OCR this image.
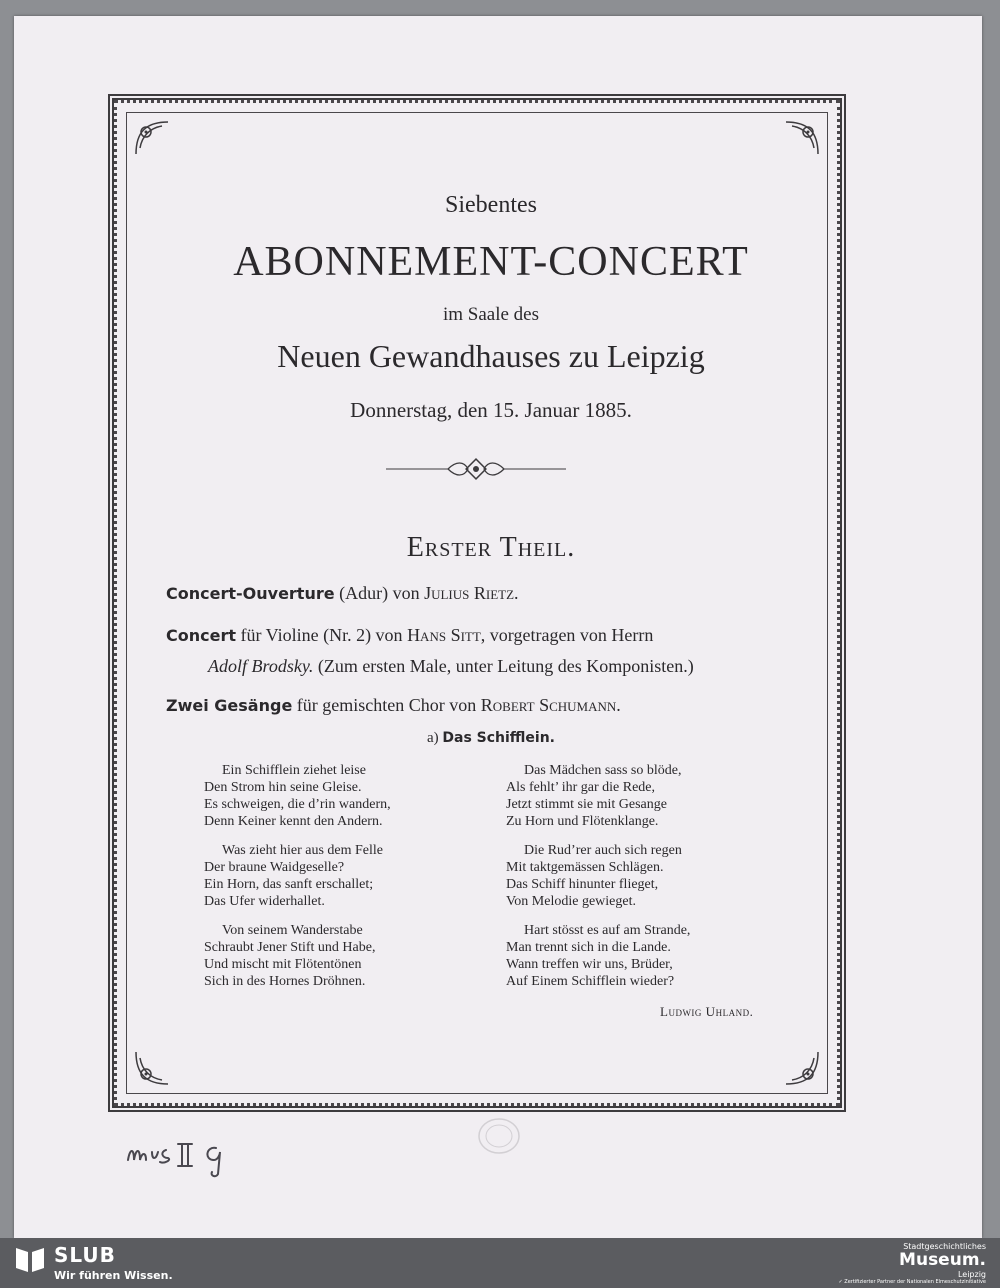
Siebentes
ABONNEMENT-CONCERT
im Saale des
Neuen Gewandhauses zu Leipzig
Donnerstag, den 15. Januar 1885.
Erster Theil.
Concert-Ouverture (Adur) von Julius Rietz.
Concert für Violine (Nr. 2) von Hans Sitt, vorgetragen von Herrn
Adolf Brodsky. (Zum ersten Male, unter Leitung des Komponisten.)
Zwei Gesänge für gemischten Chor von Robert Schumann.
a) Das Schifflein.
Ein Schifflein ziehet leise
Den Strom hin seine Gleise.
Es schweigen, die d’rin wandern,
Denn Keiner kennt den Andern.
Was zieht hier aus dem Felle
Der braune Waidgeselle?
Ein Horn, das sanft erschallet;
Das Ufer widerhallet.
Von seinem Wanderstabe
Schraubt Jener Stift und Habe,
Und mischt mit Flötentönen
Sich in des Hornes Dröhnen.
Das Mädchen sass so blöde,
Als fehlt’ ihr gar die Rede,
Jetzt stimmt sie mit Gesange
Zu Horn und Flötenklange.
Die Rud’rer auch sich regen
Mit taktgemässen Schlägen.
Das Schiff hinunter flieget,
Von Melodie gewieget.
Hart stösst es auf am Strande,
Man trennt sich in die Lande.
Wann treffen wir uns, Brüder,
Auf Einem Schifflein wieder?
Ludwig Uhland.
SLUB
Wir führen Wissen.
Stadtgeschichtliches
Museum.
Leipzig
✓ Zertifizierter Partner der Nationalen Elmeschutzinitiative
